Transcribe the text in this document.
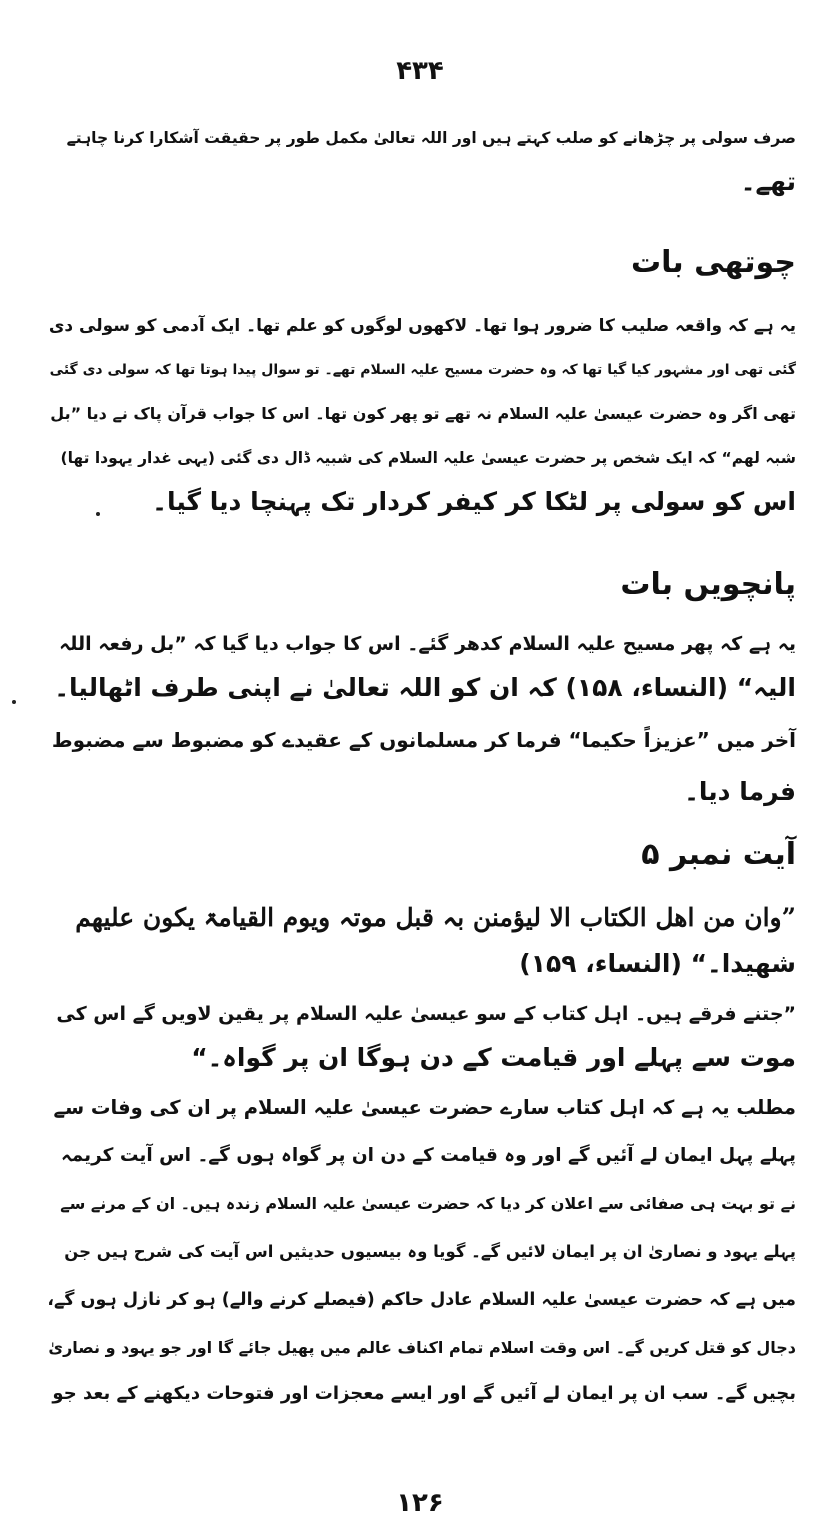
۴۳۴
صرف سولی پر چڑھانے کو صلب کہتے ہیں اور اللہ تعالیٰ مکمل طور پر حقیقت آشکارا کرنا چاہتے
تھے۔
چوتھی بات
یہ ہے کہ واقعہ صلیب کا ضرور ہوا تھا۔ لاکھوں لوگوں کو علم تھا۔ ایک آدمی کو سولی دی
گئی تھی اور مشہور کیا گیا تھا کہ وہ حضرت مسیح علیہ السلام تھے۔ تو سوال پیدا ہوتا تھا کہ سولی دی گئی
تھی اگر وہ حضرت عیسیٰ علیہ السلام نہ تھے تو پھر کون تھا۔ اس کا جواب قرآن پاک نے دیا ”بل
شبہ لھم“ کہ ایک شخص پر حضرت عیسیٰ علیہ السلام کی شبیہ ڈال دی گئی (یہی غدار یہودا تھا)
اس کو سولی پر لٹکا کر کیفر کردار تک پہنچا دیا گیا۔
پانچویں بات
یہ ہے کہ پھر مسیح علیہ السلام کدھر گئے۔ اس کا جواب دیا گیا کہ ”بل رفعہ اللہ
الیہ“ (النساء، ۱۵۸) کہ ان کو اللہ تعالیٰ نے اپنی طرف اٹھالیا۔
آخر میں ”عزیزاً حکیما“ فرما کر مسلمانوں کے عقیدے کو مضبوط سے مضبوط
فرما دیا۔
آیت نمبر ۵
”وان من اھل الکتاب الا لیؤمنن بہ قبل موتہ ویوم القیامۃ یکون علیھم
شھیدا۔“ (النساء، ۱۵۹)
”جتنے فرقے ہیں۔ اہل کتاب کے سو عیسیٰ علیہ السلام پر یقین لاویں گے اس کی
موت سے پہلے اور قیامت کے دن ہوگا ان پر گواہ۔“
مطلب یہ ہے کہ اہل کتاب سارے حضرت عیسیٰ علیہ السلام پر ان کی وفات سے
پہلے پہل ایمان لے آئیں گے اور وہ قیامت کے دن ان پر گواہ ہوں گے۔ اس آیت کریمہ
نے تو بہت ہی صفائی سے اعلان کر دیا کہ حضرت عیسیٰ علیہ السلام زندہ ہیں۔ ان کے مرنے سے
پہلے یہود و نصاریٰ ان پر ایمان لائیں گے۔ گویا وہ بیسیوں حدیثیں اس آیت کی شرح ہیں جن
میں ہے کہ حضرت عیسیٰ علیہ السلام عادل حاکم (فیصلے کرنے والے) ہو کر نازل ہوں گے،
دجال کو قتل کریں گے۔ اس وقت اسلام تمام اکناف عالم میں پھیل جائے گا اور جو یہود و نصاریٰ
بچیں گے۔ سب ان پر ایمان لے آئیں گے اور ایسے معجزات اور فتوحات دیکھنے کے بعد جو
۱۲۶
